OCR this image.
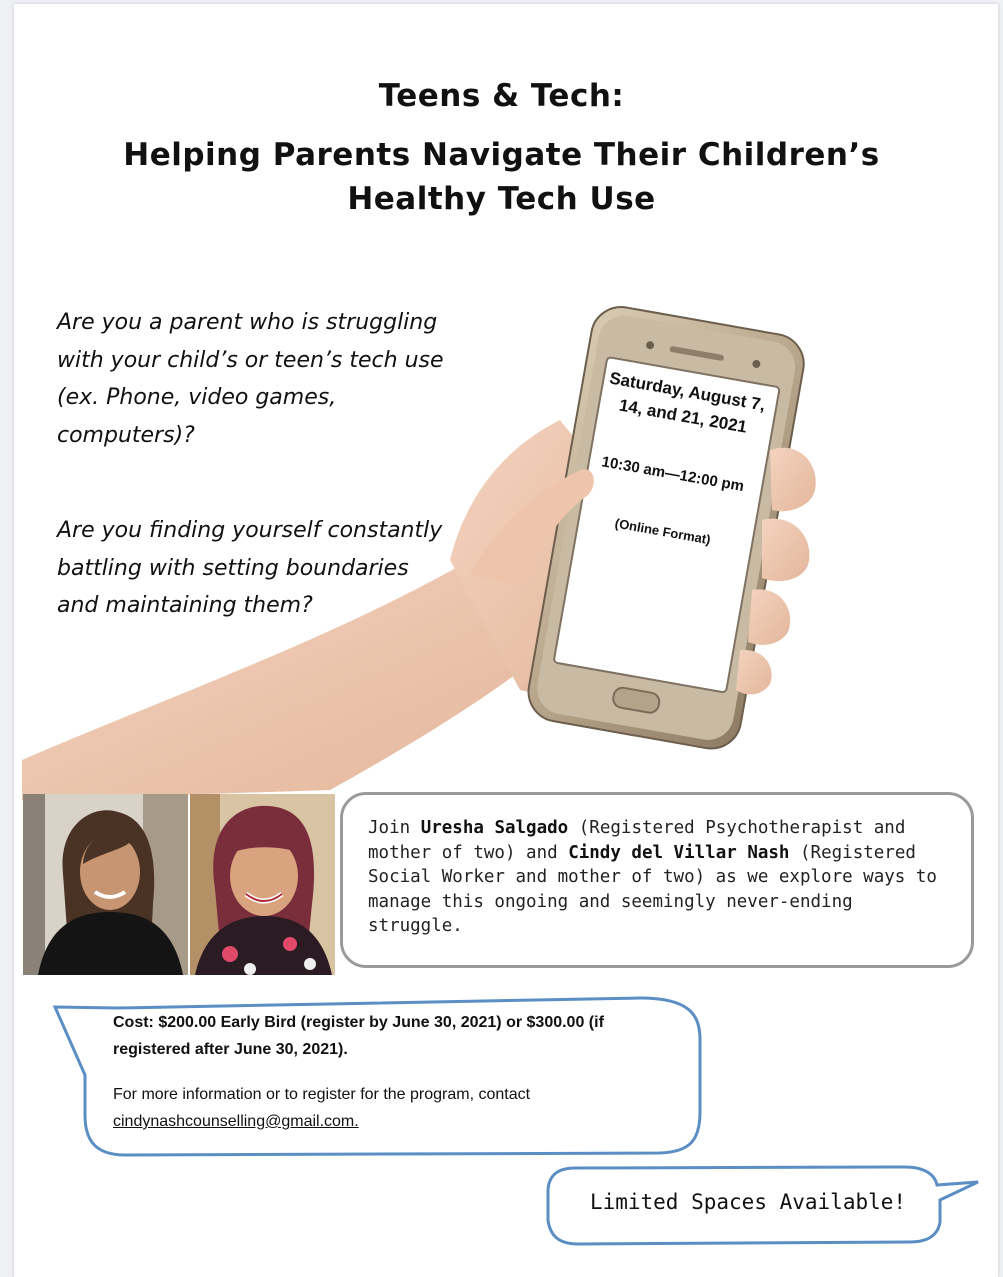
Teens & Tech:
Helping Parents Navigate Their Children’s
Healthy Tech Use
Saturday, August 7, 14, and 21, 2021
10:30 am—12:00 pm
(Online Format)
Are you a parent who is struggling with your child’s or teen’s tech use (ex. Phone, video games, computers)?
Are you finding yourself constantly battling with setting boundaries and maintaining them?
Join Uresha Salgado (Registered Psychotherapist and mother of two) and Cindy del Villar Nash (Registered Social Worker and mother of two) as we explore ways to manage this ongoing and seemingly never-ending struggle.
Cost: $200.00 Early Bird (register by June 30, 2021) or $300.00 (if registered after June 30, 2021).
For more information or to register for the program, contact
cindynashcounselling@gmail.com.
Limited Spaces Available!
